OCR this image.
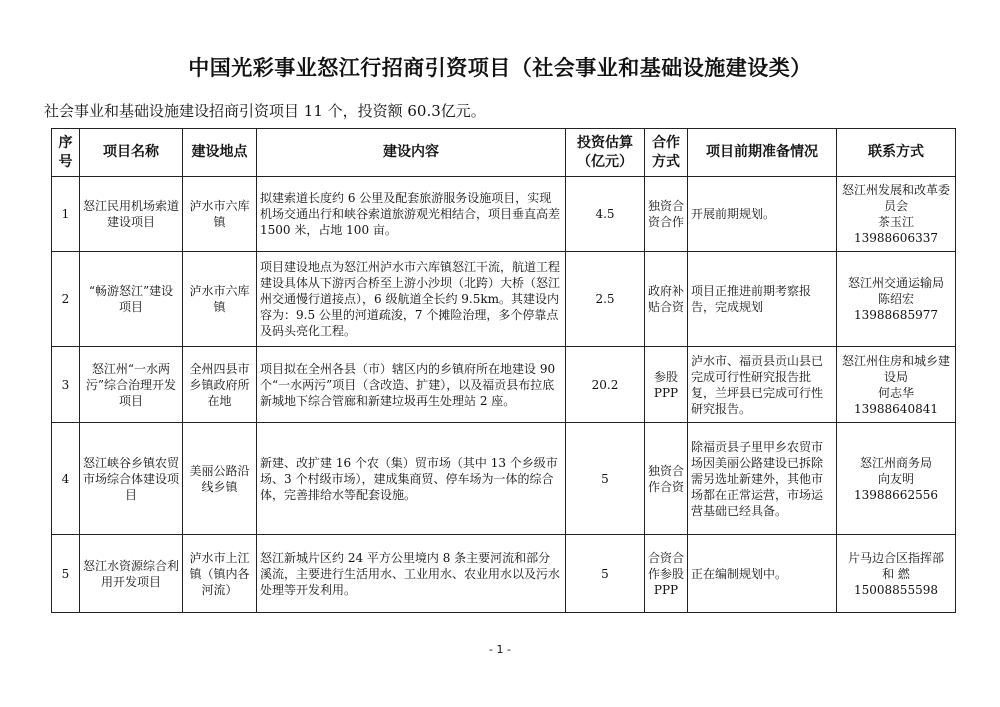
中国光彩事业怒江行招商引资项目（社会事业和基础设施建设类）
社会事业和基础设施建设招商引资项目 11 个，投资额 60.3亿元。
序号	项目名称	建设地点	建设内容	投资估算（亿元）	合作方式	项目前期准备情况	联系方式
1	怒江民用机场索道建设项目	泸水市六库镇	拟建索道长度约 6 公里及配套旅游服务设施项目，实现机场交通出行和峡谷索道旅游观光相结合，项目垂直高差 1500 米，占地 100 亩。	4.5	独资合资合作	开展前期规划。	怒江州发展和改革委员会
茶玉江
13988606337

2	“畅游怒江”建设项目	泸水市六库镇	项目建设地点为怒江州泸水市六库镇怒江干流，航道工程建设具体从下游丙合桥至上游小沙坝（北跨）大桥（怒江州交通慢行道接点），6 级航道全长约 9.5km。其建设内容为：9.5 公里的河道疏浚，7 个摊险治理，多个停靠点及码头亮化工程。	2.5	政府补贴合资	项目正推进前期考察报告，完成规划	怒江州交通运输局
陈绍宏
13988685977

3	怒江州“一水两污”综合治理开发项目	全州四县市乡镇政府所在地	项目拟在全州各县（市）辖区内的乡镇府所在地建设 90 个“一水两污”项目（含改造、扩建），以及福贡县布拉底新城地下综合管廊和新建垃圾再生处理站 2 座。	20.2	参股PPP	泸水市、福贡县贡山县已完成可行性研究报告批复，兰坪县已完成可行性研究报告。	怒江州住房和城乡建设局
何志华
13988640841

4	怒江峡谷乡镇农贸市场综合体建设项目	美丽公路沿线乡镇	新建、改扩建 16 个农（集）贸市场（其中 13 个乡级市场、3 个村级市场），建成集商贸、停车场为一体的综合体，完善排给水等配套设施。	5	独资合作合资	除福贡县子里甲乡农贸市场因美丽公路建设已拆除需另选址新建外，其他市场都在正常运营，市场运营基础已经具备。	怒江州商务局
向友明
13988662556

5	怒江水资源综合利用开发项目	泸水市上江镇（镇内各河流）	怒江新城片区约 24 平方公里境内 8 条主要河流和部分溪流，主要进行生活用水、工业用水、农业用水以及污水处理等开发利用。	5	合资合作参股PPP	正在编制规划中。	片马边合区指挥部
和 繎
15008855598
- 1 -
